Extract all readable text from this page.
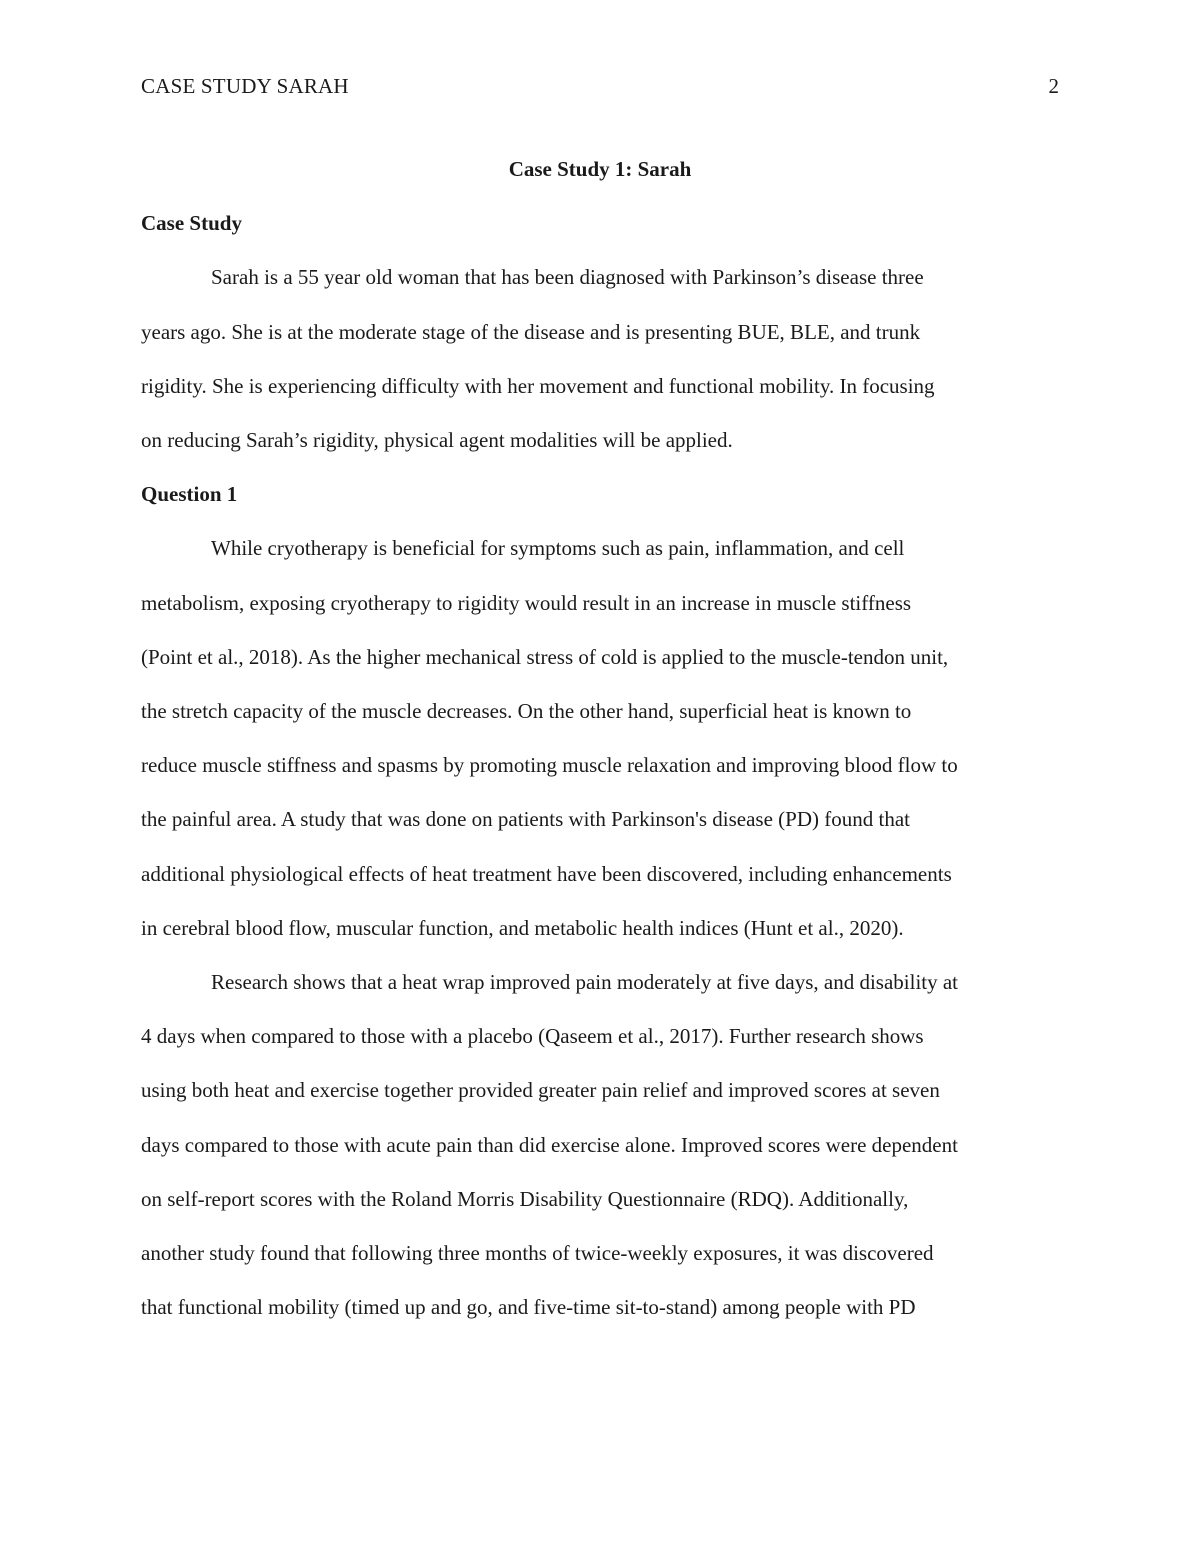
CASE STUDY SARAH	2

Case Study 1: Sarah

Case Study

Sarah is a 55 year old woman that has been diagnosed with Parkinson’s disease three
years ago. She is at the moderate stage of the disease and is presenting BUE, BLE, and trunk
rigidity. She is experiencing difficulty with her movement and functional mobility. In focusing
on reducing Sarah’s rigidity, physical agent modalities will be applied.

Question 1

While cryotherapy is beneficial for symptoms such as pain, inflammation, and cell
metabolism, exposing cryotherapy to rigidity would result in an increase in muscle stiffness
(Point et al., 2018). As the higher mechanical stress of cold is applied to the muscle-tendon unit,
the stretch capacity of the muscle decreases. On the other hand, superficial heat is known to
reduce muscle stiffness and spasms by promoting muscle relaxation and improving blood flow to
the painful area. A study that was done on patients with Parkinson's disease (PD) found that
additional physiological effects of heat treatment have been discovered, including enhancements
in cerebral blood flow, muscular function, and metabolic health indices (Hunt et al., 2020).

Research shows that a heat wrap improved pain moderately at five days, and disability at
4 days when compared to those with a placebo (Qaseem et al., 2017). Further research shows
using both heat and exercise together provided greater pain relief and improved scores at seven
days compared to those with acute pain than did exercise alone. Improved scores were dependent
on self-report scores with the Roland Morris Disability Questionnaire (RDQ). Additionally,
another study found that following three months of twice-weekly exposures, it was discovered
that functional mobility (timed up and go, and five-time sit-to-stand) among people with PD
